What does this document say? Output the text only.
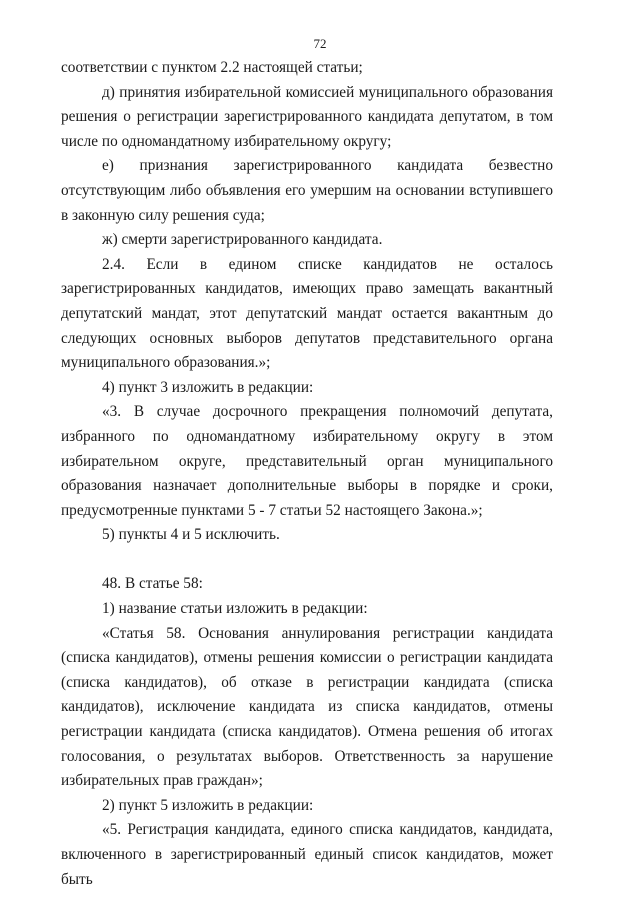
72

соответствии с пунктом 2.2 настоящей статьи;

д) принятия избирательной комиссией муниципального образования решения о регистрации зарегистрированного кандидата депутатом, в том числе по одномандатному избирательному округу;

е) признания зарегистрированного кандидата безвестно отсутствующим либо объявления его умершим на основании вступившего в законную силу решения суда;

ж) смерти зарегистрированного кандидата.

2.4. Если в едином списке кандидатов не осталось зарегистрированных кандидатов, имеющих право замещать вакантный депутатский мандат, этот депутатский мандат остается вакантным до следующих основных выборов депутатов представительного органа муниципального образования.»;

4) пункт 3 изложить в редакции:

«3. В случае досрочного прекращения полномочий депутата, избранного по одномандатному избирательному округу в этом избирательном округе, представительный орган муниципального образования назначает дополнительные выборы в порядке и сроки, предусмотренные пунктами 5 - 7 статьи 52 настоящего Закона.»;

5) пункты 4 и 5 исключить.

48. В статье 58:

1) название статьи изложить в редакции:

«Статья 58. Основания аннулирования регистрации кандидата (списка кандидатов), отмены решения комиссии о регистрации кандидата (списка кандидатов), об отказе в регистрации кандидата (списка кандидатов), исключение кандидата из списка кандидатов, отмены регистрации кандидата (списка кандидатов). Отмена решения об итогах голосования, о результатах выборов. Ответственность за нарушение избирательных прав граждан»;

2) пункт 5 изложить в редакции:

«5. Регистрация кандидата, единого списка кандидатов, кандидата, включенного в зарегистрированный единый список кандидатов, может быть
